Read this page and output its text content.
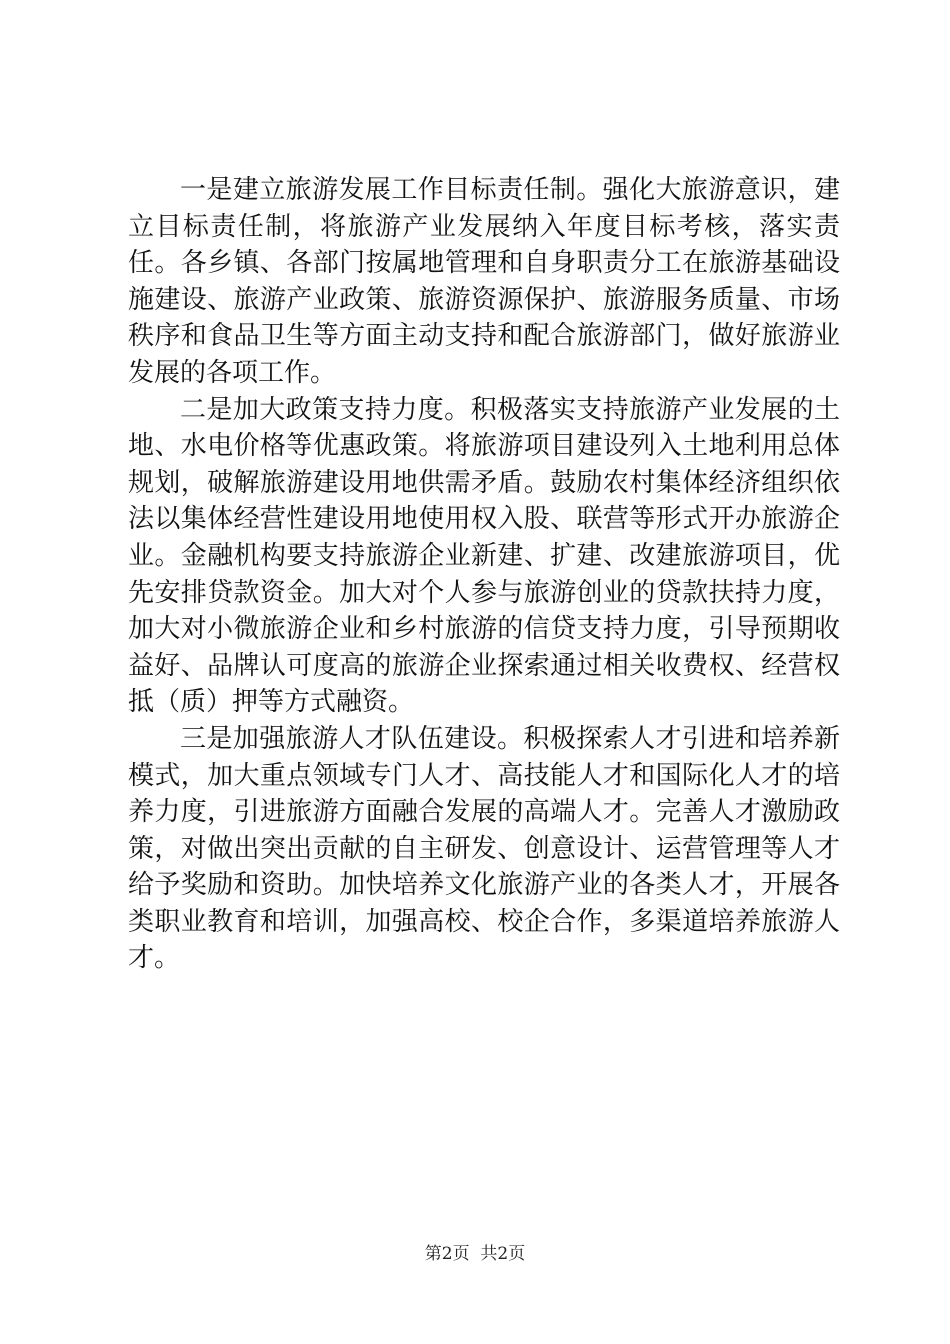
一是建立旅游发展工作目标责任制。强化大旅游意识，建立目标责任制，将旅游产业发展纳入年度目标考核，落实责任。各乡镇、各部门按属地管理和自身职责分工在旅游基础设施建设、旅游产业政策、旅游资源保护、旅游服务质量、市场秩序和食品卫生等方面主动支持和配合旅游部门，做好旅游业发展的各项工作。

二是加大政策支持力度。积极落实支持旅游产业发展的土地、水电价格等优惠政策。将旅游项目建设列入土地利用总体规划，破解旅游建设用地供需矛盾。鼓励农村集体经济组织依法以集体经营性建设用地使用权入股、联营等形式开办旅游企业。金融机构要支持旅游企业新建、扩建、改建旅游项目，优先安排贷款资金。加大对个人参与旅游创业的贷款扶持力度，加大对小微旅游企业和乡村旅游的信贷支持力度，引导预期收益好、品牌认可度高的旅游企业探索通过相关收费权、经营权抵（质）押等方式融资。

三是加强旅游人才队伍建设。积极探索人才引进和培养新模式，加大重点领域专门人才、高技能人才和国际化人才的培养力度，引进旅游方面融合发展的高端人才。完善人才激励政策，对做出突出贡献的自主研发、创意设计、运营管理等人才给予奖励和资助。加快培养文化旅游产业的各类人才，开展各类职业教育和培训，加强高校、校企合作，多渠道培养旅游人才。

第2页  共2页
